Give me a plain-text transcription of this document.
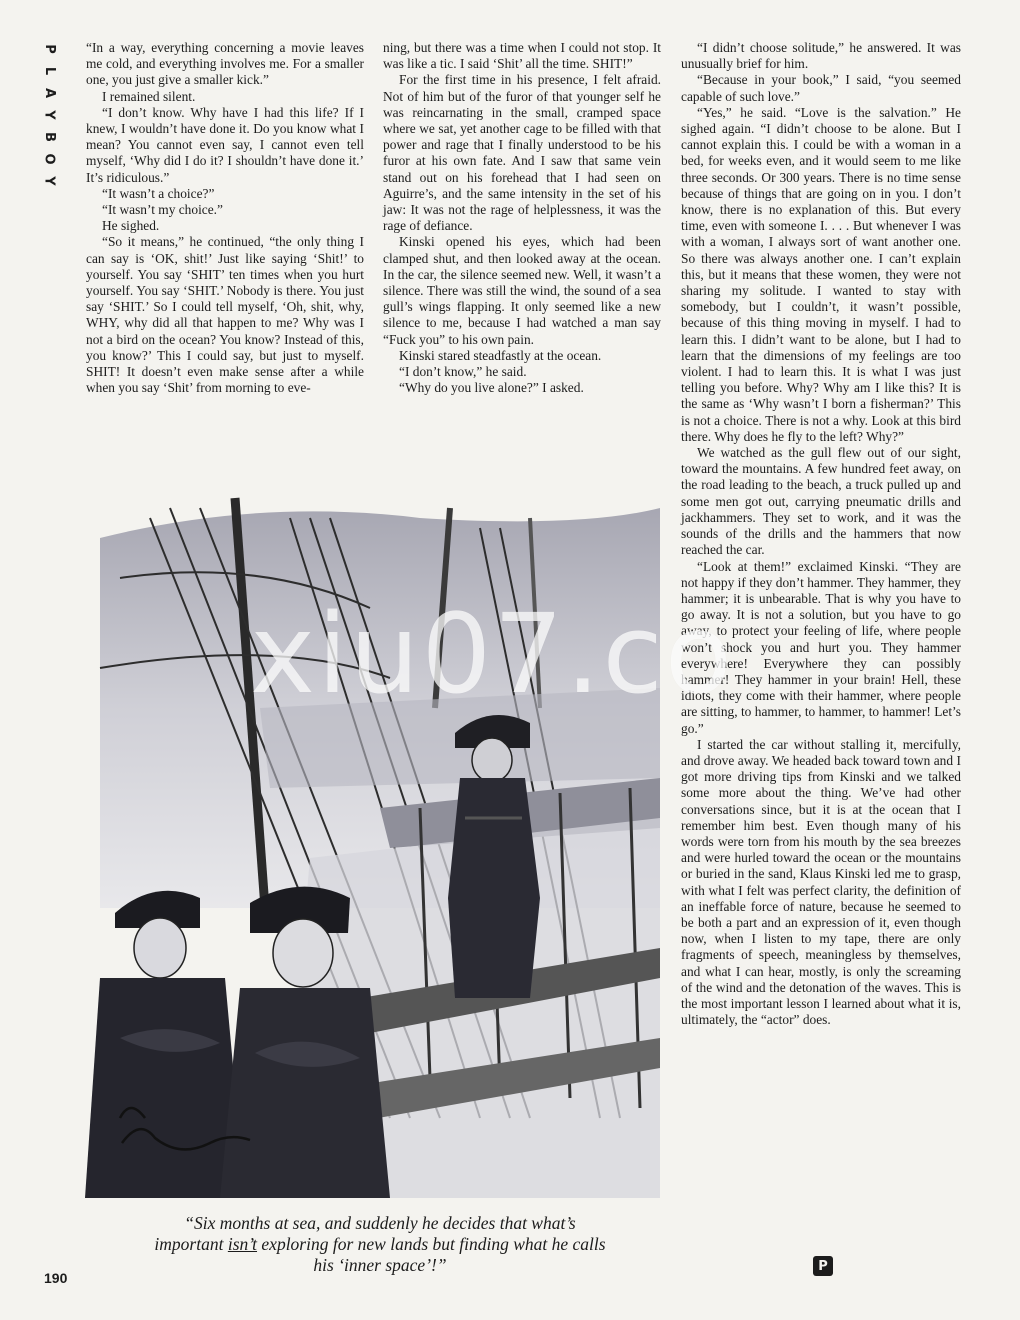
P
L
A
Y
B
O
Y

“In a way, everything concerning a movie leaves me cold, and everything involves me. For a smaller one, you just give a smaller kick.”

I remained silent.

“I don’t know. Why have I had this life? If I knew, I wouldn’t have done it. Do you know what I mean? You cannot even say, I cannot even tell myself, ‘Why did I do it? I shouldn’t have done it.’ It’s ridiculous.”

“It wasn’t a choice?”

“It wasn’t my choice.”

He sighed.

“So it means,” he continued, “the only thing I can say is ‘OK, shit!’ Just like saying ‘Shit!’ to yourself. You say ‘SHIT’ ten times when you hurt yourself. You say ‘SHIT.’ Nobody is there. You just say ‘SHIT.’ So I could tell myself, ‘Oh, shit, why, WHY, why did all that happen to me? Why was I not a bird on the ocean? You know? Instead of this, you know?’ This I could say, but just to myself. SHIT! It doesn’t even make sense after a while when you say ‘Shit’ from morning to eve-

ning, but there was a time when I could not stop. It was like a tic. I said ‘Shit’ all the time. SHIT!”

For the first time in his presence, I felt afraid. Not of him but of the furor of that younger self he was reincarnating in the small, cramped space where we sat, yet another cage to be filled with that power and rage that I finally understood to be his furor at his own fate. And I saw that same vein stand out on his forehead that I had seen on Aguirre’s, and the same intensity in the set of his jaw: It was not the rage of helplessness, it was the rage of defiance.

Kinski opened his eyes, which had been clamped shut, and then looked away at the ocean. In the car, the silence seemed new. Well, it wasn’t a silence. There was still the wind, the sound of a sea gull’s wings flapping. It only seemed like a new silence to me, because I had watched a man say “Fuck you” to his own pain.

Kinski stared steadfastly at the ocean.

“I don’t know,” he said.

“Why do you live alone?” I asked.

“I didn’t choose solitude,” he answered. It was unusually brief for him.

“Because in your book,” I said, “you seemed capable of such love.”

“Yes,” he said. “Love is the salvation.” He sighed again. “I didn’t choose to be alone. But I cannot explain this. I could be with a woman in a bed, for weeks even, and it would seem to me like three seconds. Or 300 years. There is no time sense because of things that are going on in you. I don’t know, there is no explanation of this. But every time, even with someone I. . . . But whenever I was with a woman, I always sort of want another one. So there was always another one. I can’t explain this, but it means that these women, they were not sharing my solitude. I wanted to stay with somebody, but I couldn’t, it wasn’t possible, because of this thing moving in myself. I had to learn this. I didn’t want to be alone, but I had to learn that the dimensions of my feelings are too violent. I had to learn this. It is what I was just telling you before. Why? Why am I like this? It is the same as ‘Why wasn’t I born a fisherman?’ This is not a choice. There is not a why. Look at this bird there. Why does he fly to the left? Why?”

We watched as the gull flew out of our sight, toward the mountains. A few hundred feet away, on the road leading to the beach, a truck pulled up and some men got out, carrying pneumatic drills and jackhammers. They set to work, and it was the sounds of the drills and the hammers that now reached the car.

“Look at them!” exclaimed Kinski. “They are not happy if they don’t hammer. They hammer, they hammer; it is unbearable. That is why you have to go away. It is not a solution, but you have to go away, to protect your feeling of life, where people won’t shock you and hurt you. They hammer everywhere! Everywhere they can possibly hammer! They hammer in your brain! Hell, these idiots, they come with their hammer, where people are sitting, to hammer, to hammer, to hammer! Let’s go.”

I started the car without stalling it, mercifully, and drove away. We headed back toward town and I got more driving tips from Kinski and we talked some more about the thing. We’ve had other conversations since, but it is at the ocean that I remember him best. Even though many of his words were torn from his mouth by the sea breezes and were hurled toward the ocean or the mountains or buried in the sand, Klaus Kinski led me to grasp, with what I felt was perfect clarity, the definition of an ineffable force of nature, because he seemed to be both a part and an expression of it, even though now, when I listen to my tape, there are only fragments of speech, meaningless by themselves, and what I can hear, mostly, is only the screaming of the wind and the detonation of the waves. This is the most important lesson I learned about what it is, ultimately, the “actor” does.

xiu07.co
“Six months at sea, and suddenly he decides that what’s important isn’t exploring for new lands but finding what he calls his ‘inner space’!”	P
190
